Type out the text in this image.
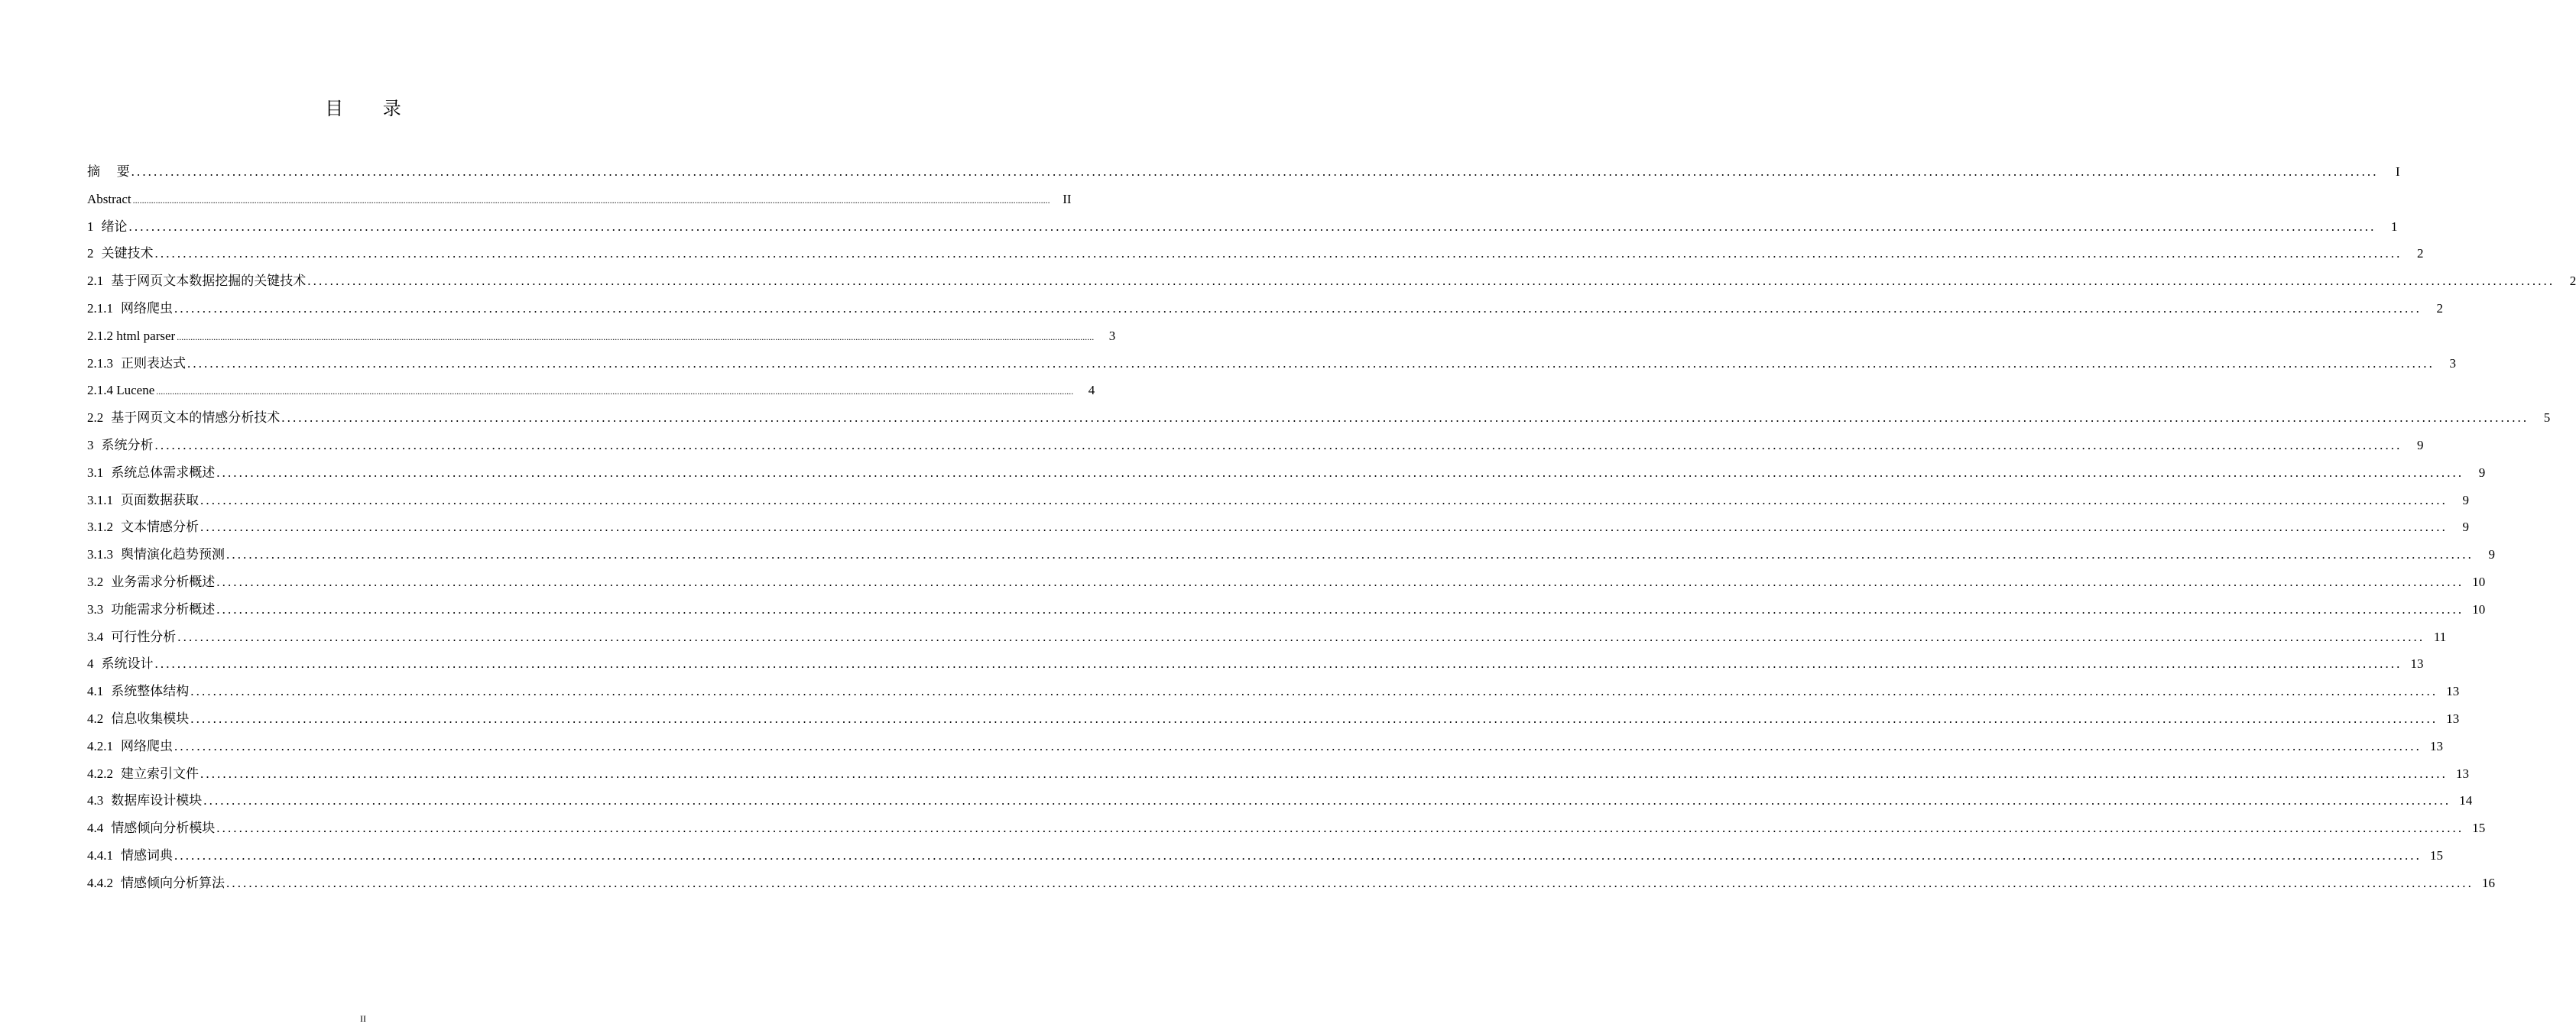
目 录
摘    要 ................................................................................................................................................................................................................................................................................................................................................................................................................	I
Abstract ................................................................................................................................................................................................................................................................................................................................................................................................................ II
1 绪论 ................................................................................................................................................................................................................................................................................................................................................................................................................	1
2 关键技术 ................................................................................................................................................................................................................................................................................................................................................................................................................	2
2.1 基于网页文本数据挖掘的关键技术 ................................................................................................................................................................................................................................................................................................................................................................................................................	2
2.1.1 网络爬虫 ................................................................................................................................................................................................................................................................................................................................................................................................................	2
2.1.2 html parser ................................................................................................................................................................................................................................................................................................................................................................................................................	3
2.1.3 正则表达式 ................................................................................................................................................................................................................................................................................................................................................................................................................	3
2.1.4 Lucene ................................................................................................................................................................................................................................................................................................................................................................................................................	4
2.2 基于网页文本的情感分析技术 ................................................................................................................................................................................................................................................................................................................................................................................................................	5
3 系统分析 ................................................................................................................................................................................................................................................................................................................................................................................................................	9
3.1 系统总体需求概述 ................................................................................................................................................................................................................................................................................................................................................................................................................	9
3.1.1 页面数据获取 ................................................................................................................................................................................................................................................................................................................................................................................................................	9
3.1.2 文本情感分析 ................................................................................................................................................................................................................................................................................................................................................................................................................	9
3.1.3 舆情演化趋势预测 ................................................................................................................................................................................................................................................................................................................................................................................................................	9
3.2 业务需求分析概述 ................................................................................................................................................................................................................................................................................................................................................................................................................ 10
3.3 功能需求分析概述 ................................................................................................................................................................................................................................................................................................................................................................................................................ 10
3.4 可行性分析 ................................................................................................................................................................................................................................................................................................................................................................................................................ 11
4 系统设计 ................................................................................................................................................................................................................................................................................................................................................................................................................ 13
4.1 系统整体结构 ................................................................................................................................................................................................................................................................................................................................................................................................................ 13
4.2 信息收集模块 ................................................................................................................................................................................................................................................................................................................................................................................................................ 13
4.2.1 网络爬虫 ................................................................................................................................................................................................................................................................................................................................................................................................................ 13
4.2.2 建立索引文件 ................................................................................................................................................................................................................................................................................................................................................................................................................ 13
4.3 数据库设计模块 ................................................................................................................................................................................................................................................................................................................................................................................................................ 14
4.4 情感倾向分析模块 ................................................................................................................................................................................................................................................................................................................................................................................................................ 15
4.4.1 情感词典 ................................................................................................................................................................................................................................................................................................................................................................................................................ 15
4.4.2 情感倾向分析算法 ................................................................................................................................................................................................................................................................................................................................................................................................................ 16
II
